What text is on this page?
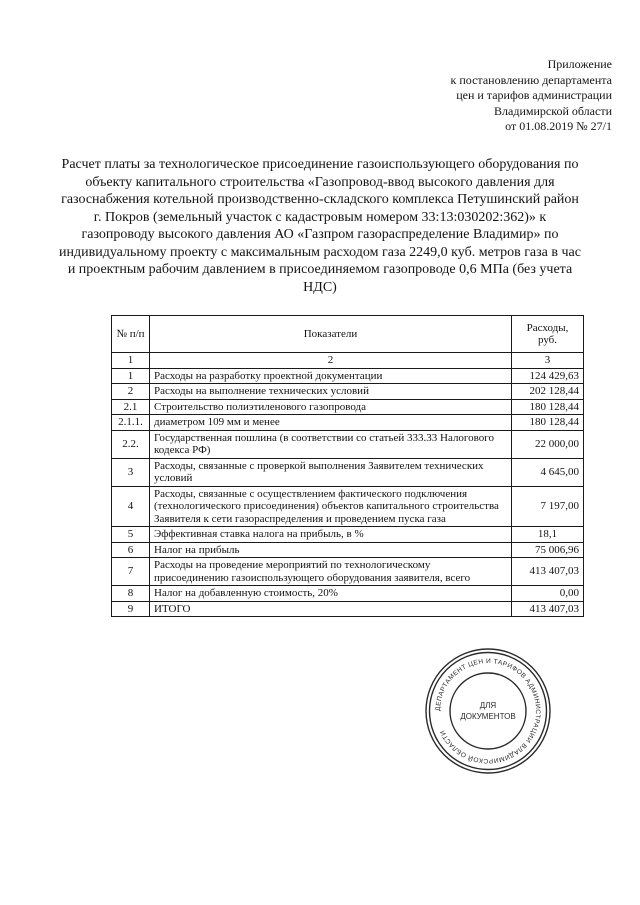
Приложение
к постановлению департамента
цен и тарифов администрации
Владимирской области
от 01.08.2019 № 27/1
Расчет платы за технологическое присоединение газоиспользующего оборудования по объекту капитального строительства «Газопровод-ввод высокого давления для газоснабжения котельной производственно-складского комплекса Петушинский район г. Покров (земельный участок с кадастровым номером 33:13:030202:362)» к газопроводу высокого давления АО «Газпром газораспределение Владимир» по индивидуальному проекту с максимальным расходом газа 2249,0 куб. метров газа в час и проектным рабочим давлением в присоединяемом газопроводе 0,6 МПа (без учета НДС)
№ п/п	Показатели	Расходы, руб.
1	2	3
1	Расходы на разработку проектной документации	124 429,63
2	Расходы на выполнение технических условий	202 128,44
2.1	Строительство полиэтиленового газопровода	180 128,44
2.1.1.	диаметром 109 мм и менее	180 128,44
2.2.	Государственная пошлина (в соответствии со статьей 333.33 Налогового кодекса РФ)	22 000,00
3	Расходы, связанные с проверкой выполнения Заявителем технических условий	4 645,00
4	Расходы, связанные с осуществлением фактического подключения (технологического присоединения) объектов капитального строительства Заявителя к сети газораспределения и проведением пуска газа	7 197,00
5	Эффективная ставка налога на прибыль, в %	18,1
6	Налог на прибыль	75 006,96
7	Расходы на проведение мероприятий по технологическому присоединению газоиспользующего оборудования заявителя, всего	413 407,03
8	Налог на добавленную стоимость, 20%	0,00
9	ИТОГО	413 407,03
ДЕПАРТАМЕНТ ЦЕН И ТАРИФОВ АДМИНИСТРАЦИИ ВЛАДИМИРСКОЙ ОБЛАСТИ
ДЛЯ
ДОКУМЕНТОВ
